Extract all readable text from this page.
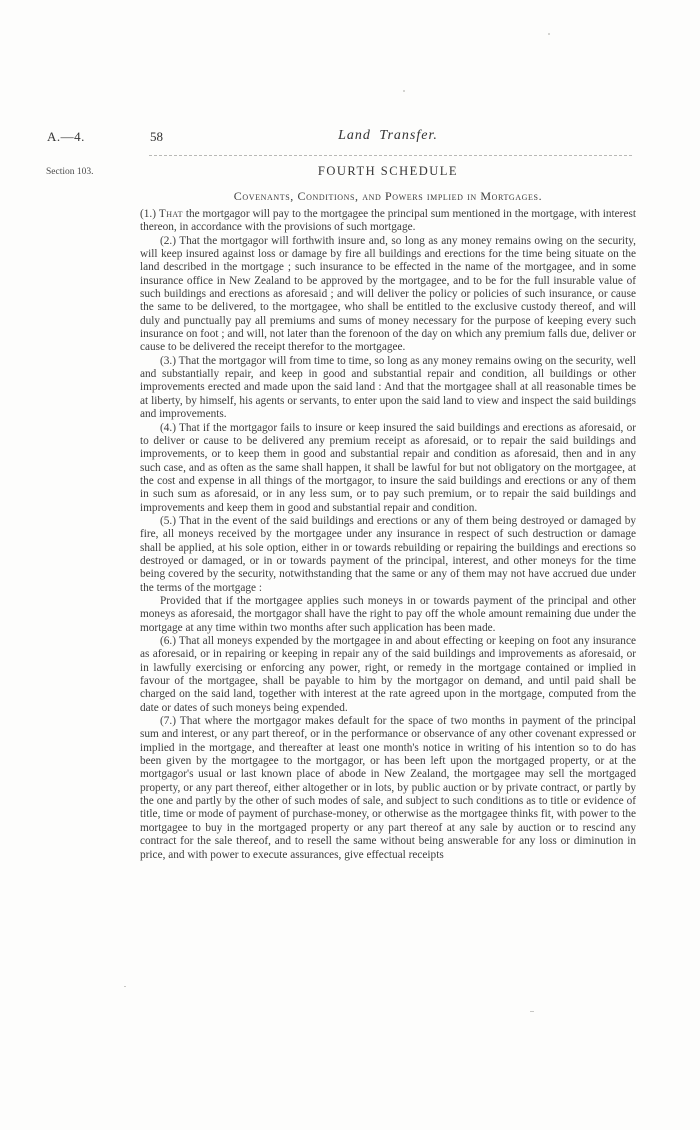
A.—4.	58	Land Transfer.
Section 103.	FOURTH SCHEDULE
Covenants, Conditions, and Powers implied in Mortgages.

(1.) That the mortgagor will pay to the mortgagee the principal sum mentioned in the mortgage, with interest thereon, in accordance with the provisions of such mortgage.

(2.) That the mortgagor will forthwith insure and, so long as any money remains owing on the security, will keep insured against loss or damage by fire all buildings and erections for the time being situate on the land described in the mortgage ; such insurance to be effected in the name of the mortgagee, and in some insurance office in New Zealand to be approved by the mortgagee, and to be for the full insurable value of such buildings and erections as aforesaid ; and will deliver the policy or policies of such insurance, or cause the same to be delivered, to the mortgagee, who shall be entitled to the exclusive custody thereof, and will duly and punctually pay all premiums and sums of money necessary for the purpose of keeping every such insurance on foot ; and will, not later than the forenoon of the day on which any premium falls due, deliver or cause to be delivered the receipt therefor to the mortgagee.

(3.) That the mortgagor will from time to time, so long as any money remains owing on the security, well and substantially repair, and keep in good and substantial repair and condition, all buildings or other improvements erected and made upon the said land : And that the mortgagee shall at all reasonable times be at liberty, by himself, his agents or servants, to enter upon the said land to view and inspect the said buildings and improvements.

(4.) That if the mortgagor fails to insure or keep insured the said buildings and erections as aforesaid, or to deliver or cause to be delivered any premium receipt as aforesaid, or to repair the said buildings and improvements, or to keep them in good and substantial repair and condition as aforesaid, then and in any such case, and as often as the same shall happen, it shall be lawful for but not obligatory on the mortgagee, at the cost and expense in all things of the mortgagor, to insure the said buildings and erections or any of them in such sum as aforesaid, or in any less sum, or to pay such premium, or to repair the said buildings and improvements and keep them in good and substantial repair and condition.

(5.) That in the event of the said buildings and erections or any of them being destroyed or damaged by fire, all moneys received by the mortgagee under any insurance in respect of such destruction or damage shall be applied, at his sole option, either in or towards rebuilding or repairing the buildings and erections so destroyed or damaged, or in or towards payment of the principal, interest, and other moneys for the time being covered by the security, notwithstanding that the same or any of them may not have accrued due under the terms of the mortgage :

Provided that if the mortgagee applies such moneys in or towards payment of the principal and other moneys as aforesaid, the mortgagor shall have the right to pay off the whole amount remaining due under the mortgage at any time within two months after such application has been made.

(6.) That all moneys expended by the mortgagee in and about effecting or keeping on foot any insurance as aforesaid, or in repairing or keeping in repair any of the said buildings and improvements as aforesaid, or in lawfully exercising or enforcing any power, right, or remedy in the mortgage contained or implied in favour of the mortgagee, shall be payable to him by the mortgagor on demand, and until paid shall be charged on the said land, together with interest at the rate agreed upon in the mortgage, computed from the date or dates of such moneys being expended.

(7.) That where the mortgagor makes default for the space of two months in payment of the principal sum and interest, or any part thereof, or in the performance or observance of any other covenant expressed or implied in the mortgage, and thereafter at least one month's notice in writing of his intention so to do has been given by the mortgagee to the mortgagor, or has been left upon the mortgaged property, or at the mortgagor's usual or last known place of abode in New Zealand, the mortgagee may sell the mortgaged property, or any part thereof, either altogether or in lots, by public auction or by private contract, or partly by the one and partly by the other of such modes of sale, and subject to such conditions as to title or evidence of title, time or mode of payment of purchase-money, or otherwise as the mortgagee thinks fit, with power to the mortgagee to buy in the mortgaged property or any part thereof at any sale by auction or to rescind any contract for the sale thereof, and to resell the same without being answerable for any loss or diminution in price, and with power to execute assurances, give effectual receipts
